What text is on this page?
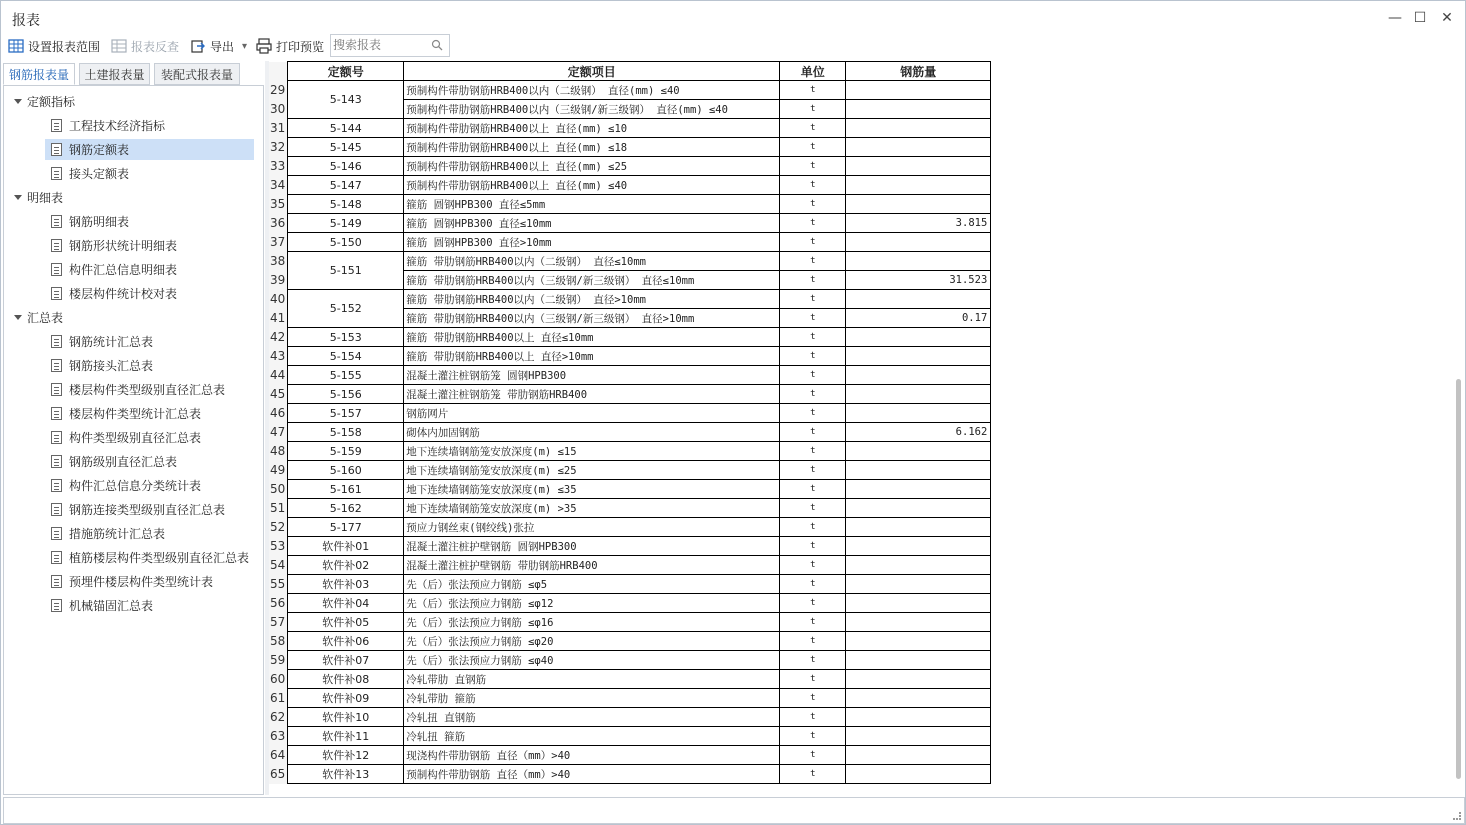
报表	— ☐	✕
设置报表范围	报表反查	导出 ▾ 打印预览
搜索报表
钢筋报表量	土建报表量	装配式报表量
定额指标
工程技术经济指标
钢筋定额表
接头定额表
明细表
钢筋明细表
钢筋形状统计明细表
构件汇总信息明细表
楼层构件统计校对表
汇总表
钢筋统计汇总表
钢筋接头汇总表
楼层构件类型级别直径汇总表
楼层构件类型统计汇总表
构件类型级别直径汇总表
钢筋级别直径汇总表
构件汇总信息分类统计表
钢筋连接类型级别直径汇总表
措施筋统计汇总表
植筋楼层构件类型级别直径汇总表
预埋件楼层构件类型统计表
机械锚固汇总表
	定额号	定额项目	单位	钢筋量
29	5-143	预制构件带肋钢筋HRB400以内（二级钢） 直径(mm) ≤40	t	
30		预制构件带肋钢筋HRB400以内（三级钢/新三级钢） 直径(mm) ≤40	t	
31	5-144	预制构件带肋钢筋HRB400以上 直径(mm) ≤10	t	
32	5-145	预制构件带肋钢筋HRB400以上 直径(mm) ≤18	t	
33	5-146	预制构件带肋钢筋HRB400以上 直径(mm) ≤25	t	
34	5-147	预制构件带肋钢筋HRB400以上 直径(mm) ≤40	t	
35	5-148	箍筋 圆钢HPB300 直径≤5mm	t	
36	5-149	箍筋 圆钢HPB300 直径≤10mm	t	3.815
37	5-150	箍筋 圆钢HPB300 直径>10mm	t	
38	5-151	箍筋 带肋钢筋HRB400以内（二级钢） 直径≤10mm	t	
39		箍筋 带肋钢筋HRB400以内（三级钢/新三级钢） 直径≤10mm	t	31.523
40	5-152	箍筋 带肋钢筋HRB400以内（二级钢） 直径>10mm	t	
41		箍筋 带肋钢筋HRB400以内（三级钢/新三级钢） 直径>10mm	t	0.17
42	5-153	箍筋 带肋钢筋HRB400以上 直径≤10mm	t	
43	5-154	箍筋 带肋钢筋HRB400以上 直径>10mm	t	
44	5-155	混凝土灌注桩钢筋笼 圆钢HPB300	t	
45	5-156	混凝土灌注桩钢筋笼 带肋钢筋HRB400	t	
46	5-157	钢筋网片	t	
47	5-158	砌体内加固钢筋	t	6.162
48	5-159	地下连续墙钢筋笼安放深度(m) ≤15	t	
49	5-160	地下连续墙钢筋笼安放深度(m) ≤25	t	
50	5-161	地下连续墙钢筋笼安放深度(m) ≤35	t	
51	5-162	地下连续墙钢筋笼安放深度(m) >35	t	
52	5-177	预应力钢丝束(钢绞线)张拉	t	
53	软件补01	混凝土灌注桩护壁钢筋 圆钢HPB300	t	
54	软件补02	混凝土灌注桩护壁钢筋 带肋钢筋HRB400	t	
55	软件补03	先（后）张法预应力钢筋 ≤φ5	t	
56	软件补04	先（后）张法预应力钢筋 ≤φ12	t	
57	软件补05	先（后）张法预应力钢筋 ≤φ16	t	
58	软件补06	先（后）张法预应力钢筋 ≤φ20	t	
59	软件补07	先（后）张法预应力钢筋 ≤φ40	t	
60	软件补08	冷轧带肋 直钢筋	t	
61	软件补09	冷轧带肋 箍筋	t	
62	软件补10	冷轧扭 直钢筋	t	
63	软件补11	冷轧扭 箍筋	t	
64	软件补12	现浇构件带肋钢筋 直径（mm）>40	t	
65	软件补13	预制构件带肋钢筋 直径（mm）>40	t	
